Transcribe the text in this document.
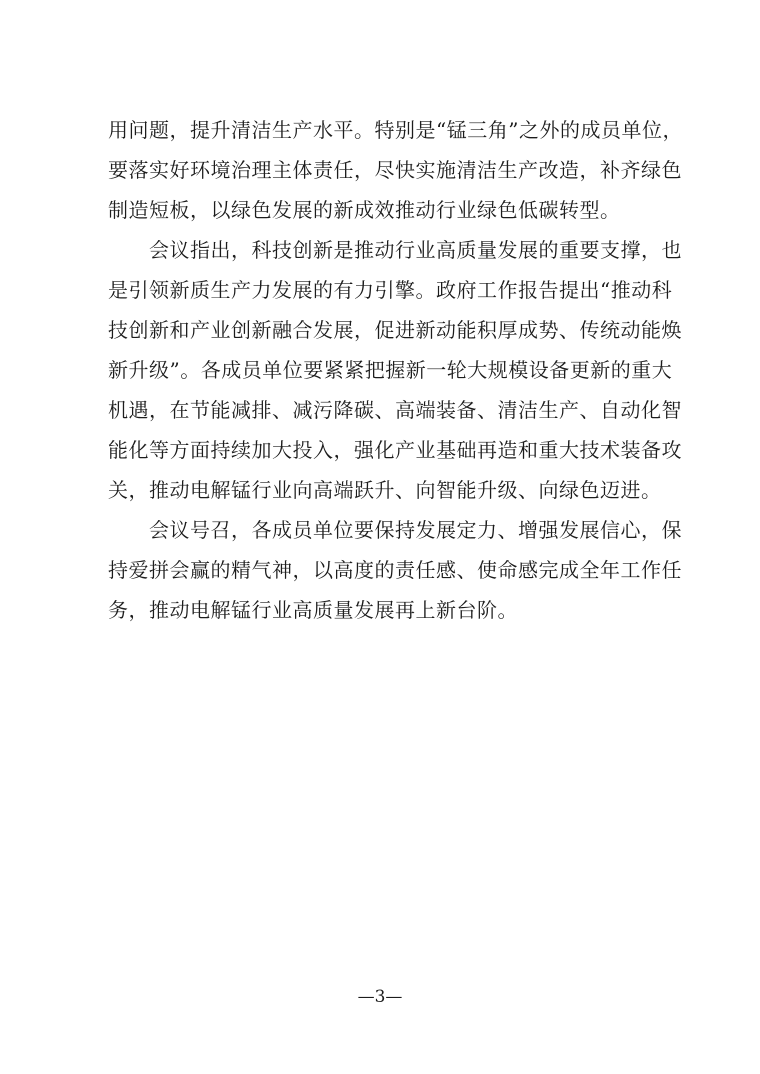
用问题，提升清洁生产水平。特别是“锰三角”之外的成员单位，
要落实好环境治理主体责任，尽快实施清洁生产改造，补齐绿色
制造短板，以绿色发展的新成效推动行业绿色低碳转型。
会议指出，科技创新是推动行业高质量发展的重要支撑，也
是引领新质生产力发展的有力引擎。政府工作报告提出“推动科
技创新和产业创新融合发展，促进新动能积厚成势、传统动能焕
新升级”。各成员单位要紧紧把握新一轮大规模设备更新的重大
机遇，在节能减排、减污降碳、高端装备、清洁生产、自动化智
能化等方面持续加大投入，强化产业基础再造和重大技术装备攻
关，推动电解锰行业向高端跃升、向智能升级、向绿色迈进。
会议号召，各成员单位要保持发展定力、增强发展信心，保
持爱拼会赢的精气神，以高度的责任感、使命感完成全年工作任
务，推动电解锰行业高质量发展再上新台阶。
—3—
